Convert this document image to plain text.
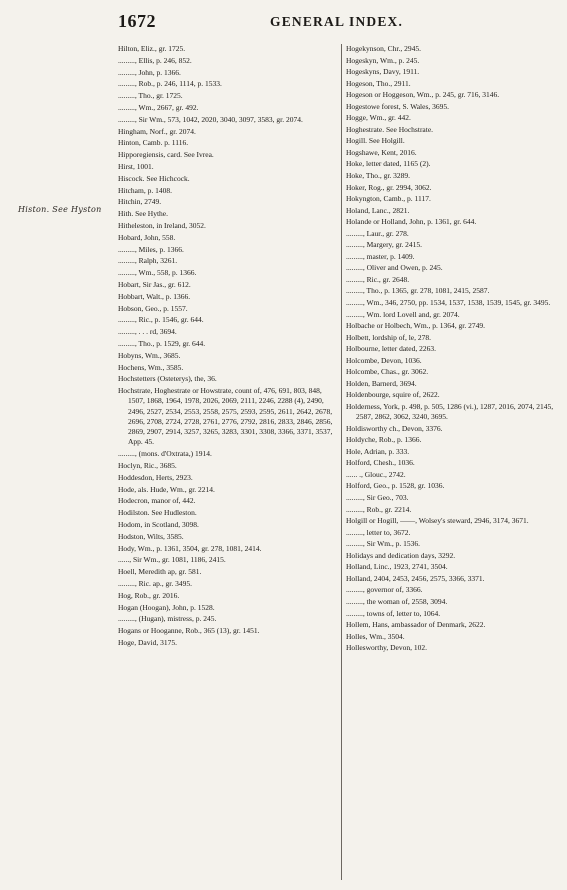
1672	GENERAL INDEX.
Histon. See Hyston
Hilton, Eliz., gr. 1725.
........., Ellis, p. 246, 852.
........., John, p. 1366.
........., Rob., p. 246, 1114, p. 1533.
........., Tho., gr. 1725.
........., Wm., 2667, gr. 492.
........., Sir Wm., 573, 1042, 2020, 3040, 3097, 3583, gr. 2074.
Hingham, Norf., gr. 2074.
Hinton, Camb. p. 1116.
Hipporegiensis, card. See Ivrea.
Hirst, 1001.
Hiscock. See Hichcock.
Hitcham, p. 1408.
Hitchin, 2749.
Hith. See Hythe.
Hitheleston, in Ireland, 3052.
Hobard, John, 558.
........., Miles, p. 1366.
........., Ralph, 3261.
........., Wm., 558, p. 1366.
Hobart, Sir Jas., gr. 612.
Hobbart, Walt., p. 1366.
Hobson, Geo., p. 1557.
........., Ric., p. 1546, gr. 644.
........., . . . rd, 3694.
........., Tho., p. 1529, gr. 644.
Hobyns, Wm., 3685.
Hochens, Wm., 3585.
Hochstetters (Osteterys), the, 36.
Hochstrate, Hoghestrate or Howstrate, count of, 476, 691, 803, 848, 1507, 1868, 1964, 1978, 2026, 2069, 2111, 2246, 2288 (4), 2490, 2496, 2527, 2534, 2553, 2558, 2575, 2593, 2595, 2611, 2642, 2678, 2696, 2708, 2724, 2728, 2761, 2776, 2792, 2816, 2833, 2846, 2856, 2869, 2907, 2914, 3257, 3265, 3283, 3301, 3308, 3366, 3371, 3537, App. 45.
........., (mons. d'Oxtrata,) 1914.
Hoclyn, Ric., 3685.
Hoddesdon, Herts, 2923.
Hode, als. Hude, Wm., gr. 2214.
Hodecron, manor of, 442.
Hodilston. See Hudleston.
Hodom, in Scotland, 3098.
Hodston, Wilts, 3585.
Hody, Wm., p. 1361, 3504, gr. 278, 1081, 2414.
......, Sir Wm., gr. 1081, 1186, 2415.
Hoell, Meredith ap, gr. 581.
........., Ric. ap., gr. 3495.
Hog, Rob., gr. 2016.
Hogan (Hoogan), John, p. 1528.
........., (Hugan), mistress, p. 245.
Hogans or Hooganne, Rob., 365 (13), gr. 1451.
Hoge, David, 3175.
Hogekynson, Chr., 2945.
Hogeskyn, Wm., p. 245.
Hogeskyns, Davy, 1911.
Hogeson, Tho., 2911.
Hogeson or Hoggeson, Wm., p. 245, gr. 716, 3146.
Hogestowe forest, S. Wales, 3695.
Hogge, Wm., gr. 442.
Hoghestrate. See Hochstrate.
Hogill. See Holgill.
Hogshawe, Kent, 2016.
Hoke, letter dated, 1165 (2).
Hoke, Tho., gr. 3289.
Hoker, Rog., gr. 2994, 3062.
Hokyngton, Camb., p. 1117.
Holand, Lanc., 2821.
Holande or Holland, John, p. 1361, gr. 644.
........., Laur., gr. 278.
........., Margery, gr. 2415.
........., master, p. 1409.
........., Oliver and Owen, p. 245.
........., Ric., gr. 2648.
........., Tho., p. 1365, gr. 278, 1081, 2415, 2587.
........., Wm., 346, 2750, pp. 1534, 1537, 1538, 1539, 1545, gr. 3495.
........., Wm. lord Lovell and, gr. 2074.
Holbache or Holbech, Wm., p. 1364, gr. 2749.
Holbett, lordship of, le, 278.
Holbourne, letter dated, 2263.
Holcombe, Devon, 1036.
Holcombe, Chas., gr. 3062.
Holden, Barnerd, 3694.
Holdenbourge, squire of, 2622.
Holderness, York, p. 498, p. 505, 1286 (vi.), 1287, 2016, 2074, 2145, 2587, 2862, 3062, 3240, 3695.
Holdisworthy ch., Devon, 3376.
Holdyche, Rob., p. 1366.
Hole, Adrian, p. 333.
Holford, Chesh., 1036.
...... ., Glouc., 2742.
Holford, Geo., p. 1528, gr. 1036.
........., Sir Geo., 703.
........., Rob., gr. 2214.
Holgill or Hogill, ——, Wolsey's steward, 2946, 3174, 3671.
........., letter to, 3672.
........., Sir Wm., p. 1536.
Holidays and dedication days, 3292.
Holland, Linc., 1923, 2741, 3504.
Holland, 2404, 2453, 2456, 2575, 3366, 3371.
........., governor of, 3366.
........., the woman of, 2558, 3094.
........., towns of, letter to, 1064.
Hollem, Hans, ambassador of Denmark, 2622.
Holles, Wm., 3504.
Hollesworthy, Devon, 102.
